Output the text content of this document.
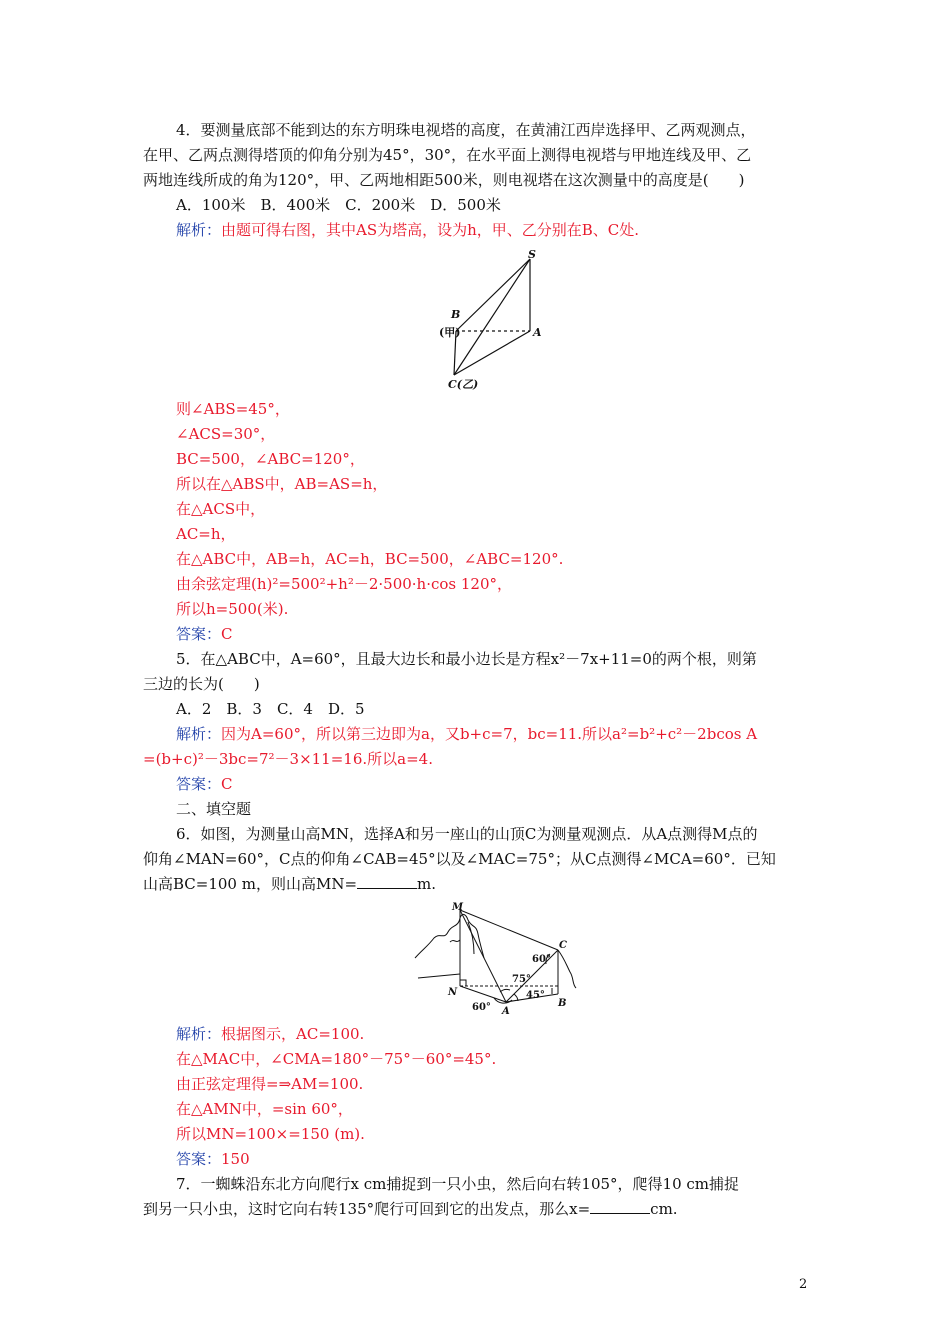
4．要测量底部不能到达的东方明珠电视塔的高度，在黄浦江西岸选择甲、乙两观测点，
在甲、乙两点测得塔顶的仰角分别为45°，30°，在水平面上测得电视塔与甲地连线及甲、乙
两地连线所成的角为120°，甲、乙两地相距500米，则电视塔在这次测量中的高度是(　　)
A．100米　B．400米　C．200米　D．500米
解析：由题可得右图，其中AS为塔高，设为h，甲、乙分别在B、C处.
S
B
(甲)	A
C(乙)
则∠ABS=45°，
∠ACS=30°，
BC=500，∠ABC=120°，
所以在△ABS中，AB=AS=h，
在△ACS中，
AC=h，
在△ABC中，AB=h，AC=h，BC=500，∠ABC=120°.
由余弦定理(h)²=500²+h²－2·500·h·cos 120°，
所以h=500(米).
答案：C
5．在△ABC中，A=60°，且最大边长和最小边长是方程x²－7x+11=0的两个根，则第
三边的长为(　　)
A．2　B．3　C．4　D．5
解析：因为A=60°，所以第三边即为a，又b+c=7，bc=11.所以a²=b²+c²－2bcos A
=(b+c)²－3bc=7²－3×11=16.所以a=4.
答案：C
二、填空题
6．如图，为测量山高MN，选择A和另一座山的山顶C为测量观测点．从A点测得M点的
仰角∠MAN=60°，C点的仰角∠CAB=45°以及∠MAC=75°；从C点测得∠MCA=60°．已知
山高BC=100 m，则山高MN=	m.
M
C
N
A
B
60°
75°
45°
60°
解析：根据图示，AC=100.
在△MAC中，∠CMA=180°－75°－60°=45°.
由正弦定理得=⇒AM=100.
在△AMN中，=sin 60°，
所以MN=100×=150 (m).
答案：150
7．一蜘蛛沿东北方向爬行x cm捕捉到一只小虫，然后向右转105°，爬得10 cm捕捉
到另一只小虫，这时它向右转135°爬行可回到它的出发点，那么x=	cm.
2
